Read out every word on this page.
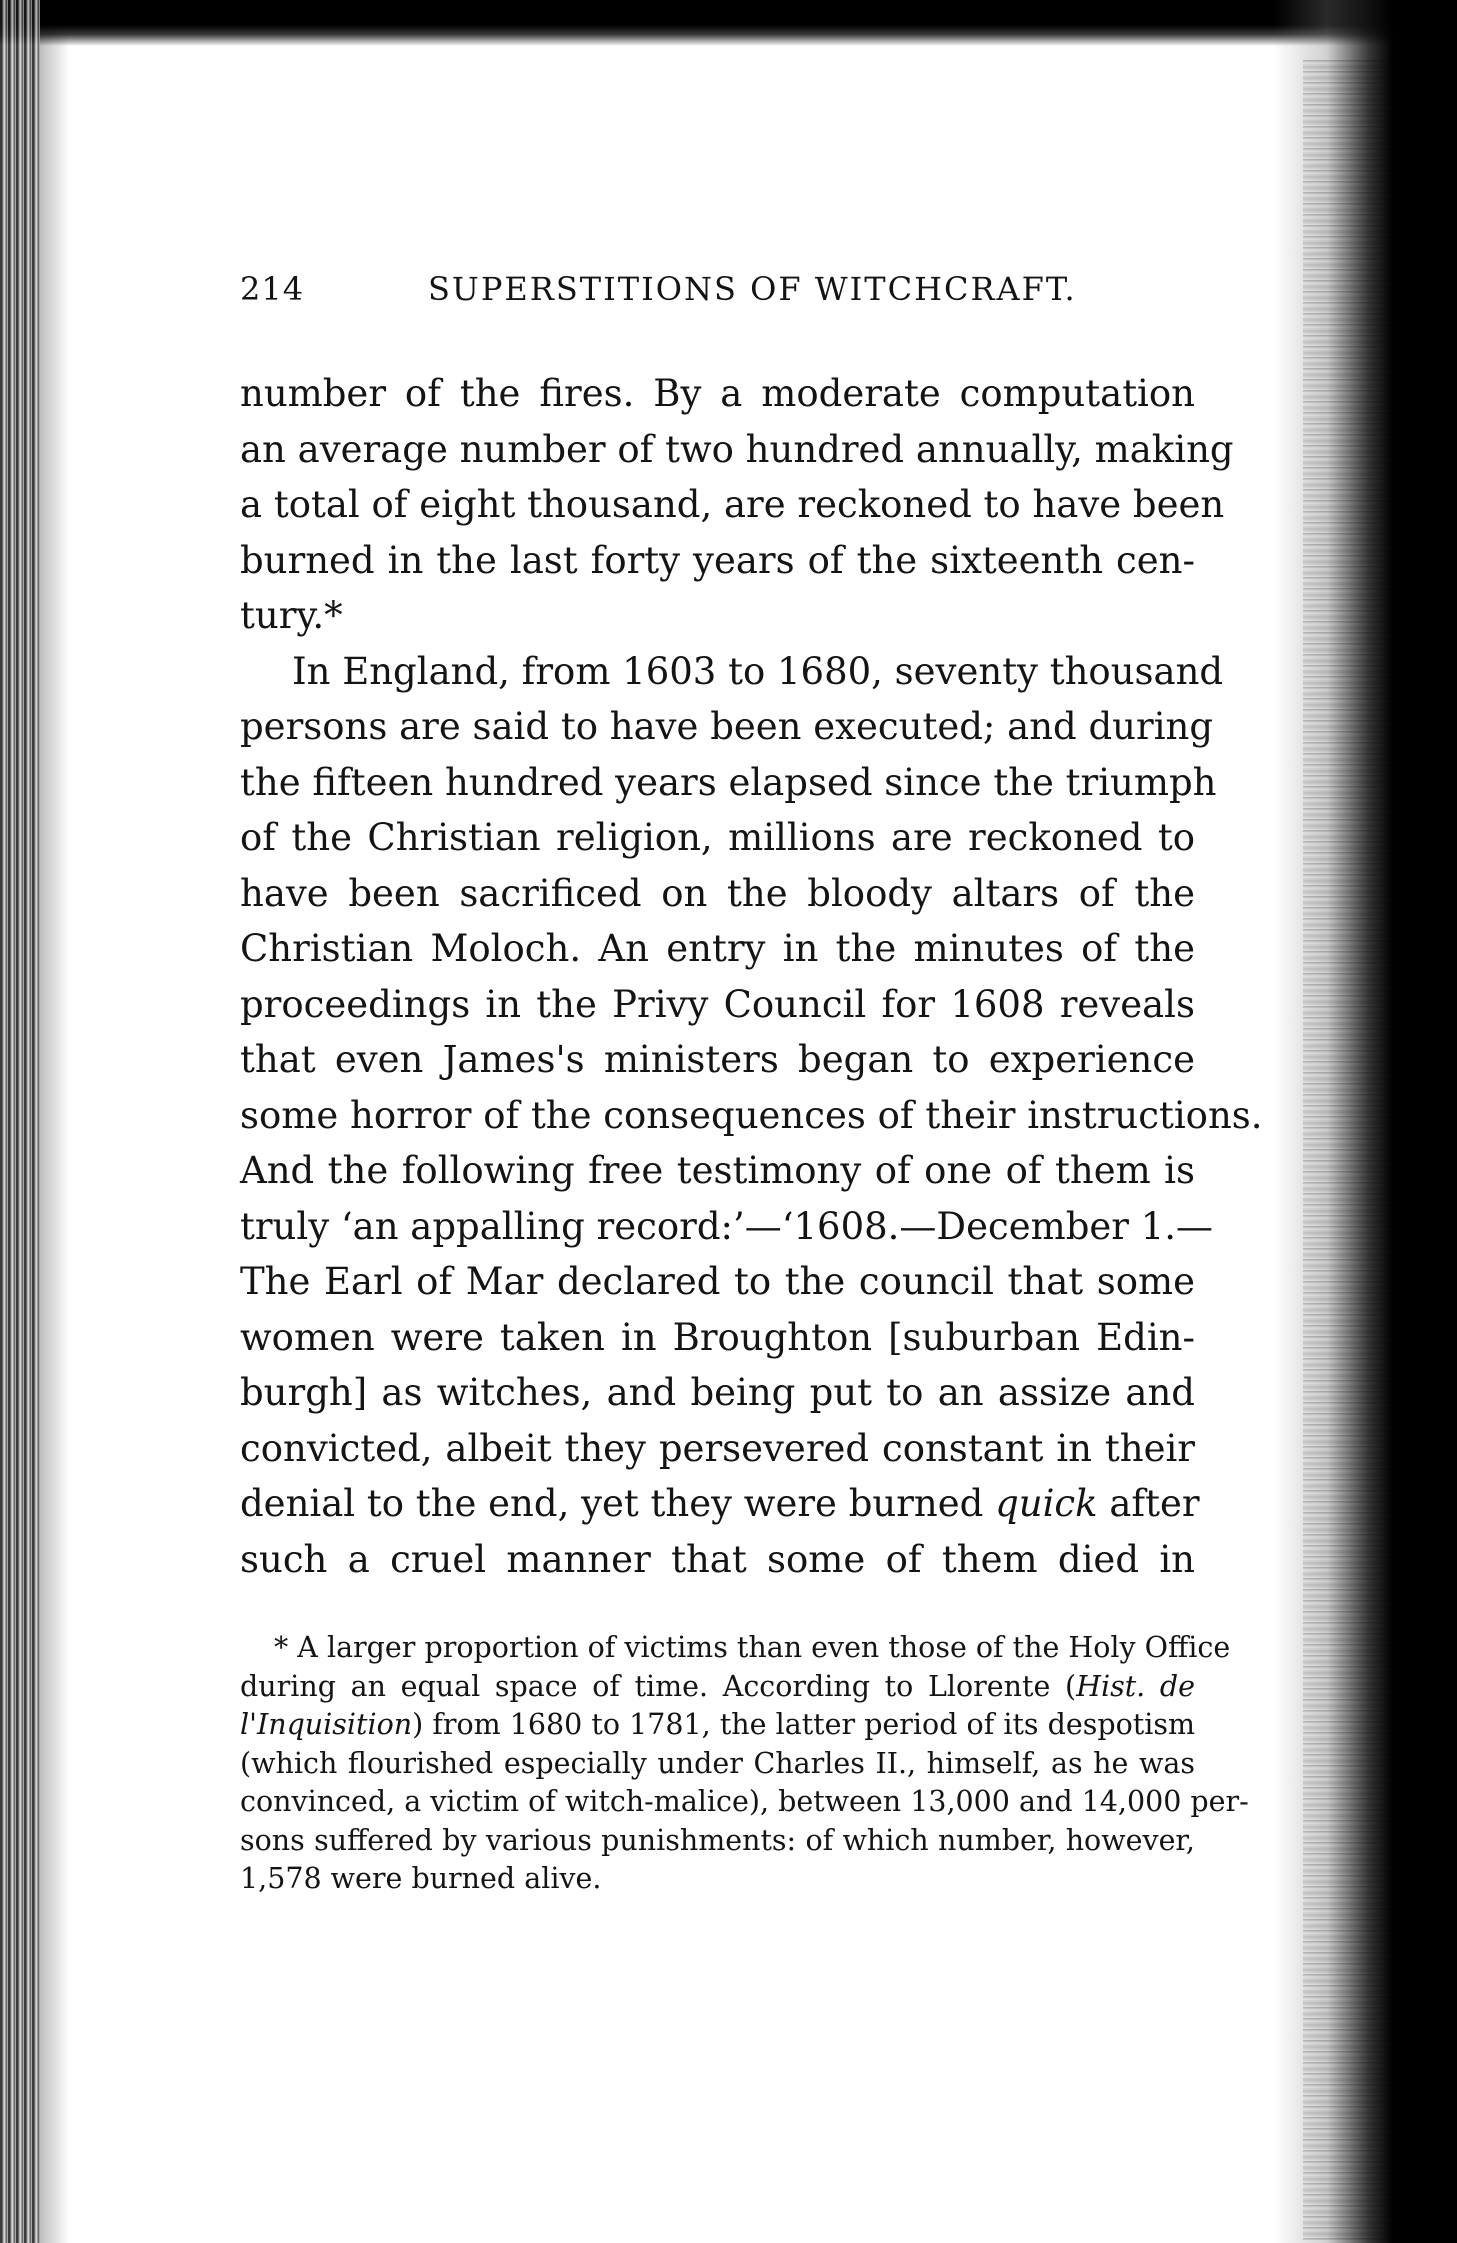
214	SUPERSTITIONS OF WITCHCRAFT.
number of the fires. By a moderate computation
an average number of two hundred annually, making
a total of eight thousand, are reckoned to have been
burned in the last forty years of the sixteenth cen-
tury.*
In England, from 1603 to 1680, seventy thousand
persons are said to have been executed; and during
the fifteen hundred years elapsed since the triumph
of the Christian religion, millions are reckoned to
have been sacrificed on the bloody altars of the
Christian Moloch. An entry in the minutes of the
proceedings in the Privy Council for 1608 reveals
that even James's ministers began to experience
some horror of the consequences of their instructions.
And the following free testimony of one of them is
truly ‘an appalling record:’—‘1608.—December 1.—
The Earl of Mar declared to the council that some
women were taken in Broughton [suburban Edin-
burgh] as witches, and being put to an assize and
convicted, albeit they persevered constant in their
denial to the end, yet they were burned quick after
such a cruel manner that some of them died in
* A larger proportion of victims than even those of the Holy Office
during an equal space of time. According to Llorente (Hist. de
l'Inquisition) from 1680 to 1781, the latter period of its despotism
(which flourished especially under Charles II., himself, as he was
convinced, a victim of witch-malice), between 13,000 and 14,000 per-
sons suffered by various punishments: of which number, however,
1,578 were burned alive.
